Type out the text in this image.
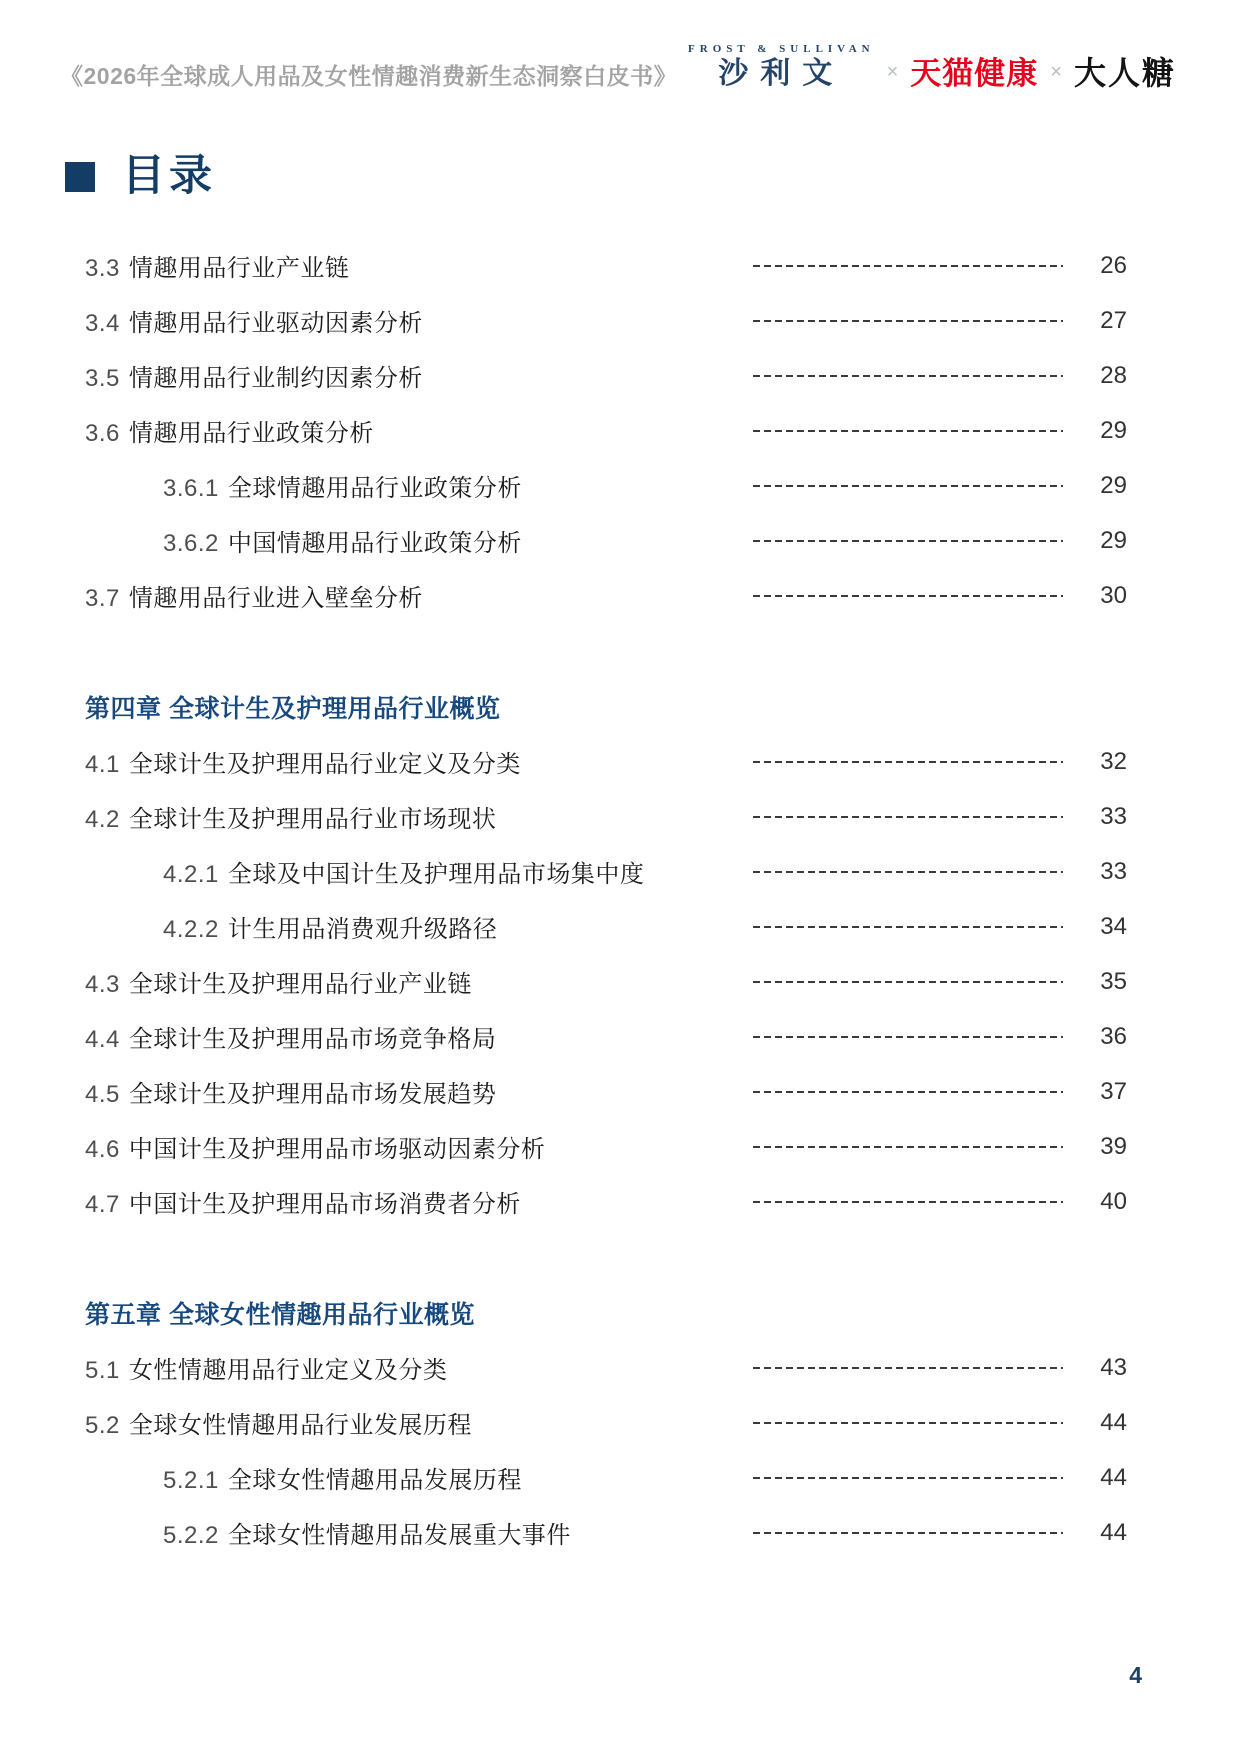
《2026年全球成人用品及女性情趣消费新生态洞察白皮书》
FROST & SULLIVAN
沙利文 × 天猫健康 × 大人糖
目录
3.3 情趣用品行业产业链	26
3.4 情趣用品行业驱动因素分析	27
3.5 情趣用品行业制约因素分析	28
3.6 情趣用品行业政策分析	29
3.6.1 全球情趣用品行业政策分析	29
3.6.2 中国情趣用品行业政策分析	29
3.7 情趣用品行业进入壁垒分析	30
第四章 全球计生及护理用品行业概览
4.1 全球计生及护理用品行业定义及分类	32
4.2 全球计生及护理用品行业市场现状	33
4.2.1 全球及中国计生及护理用品市场集中度	33
4.2.2 计生用品消费观升级路径	34
4.3 全球计生及护理用品行业产业链	35
4.4 全球计生及护理用品市场竞争格局	36
4.5 全球计生及护理用品市场发展趋势	37
4.6 中国计生及护理用品市场驱动因素分析	39
4.7 中国计生及护理用品市场消费者分析	40
第五章 全球女性情趣用品行业概览
5.1 女性情趣用品行业定义及分类	43
5.2 全球女性情趣用品行业发展历程	44
5.2.1 全球女性情趣用品发展历程	44
5.2.2 全球女性情趣用品发展重大事件	44
4
